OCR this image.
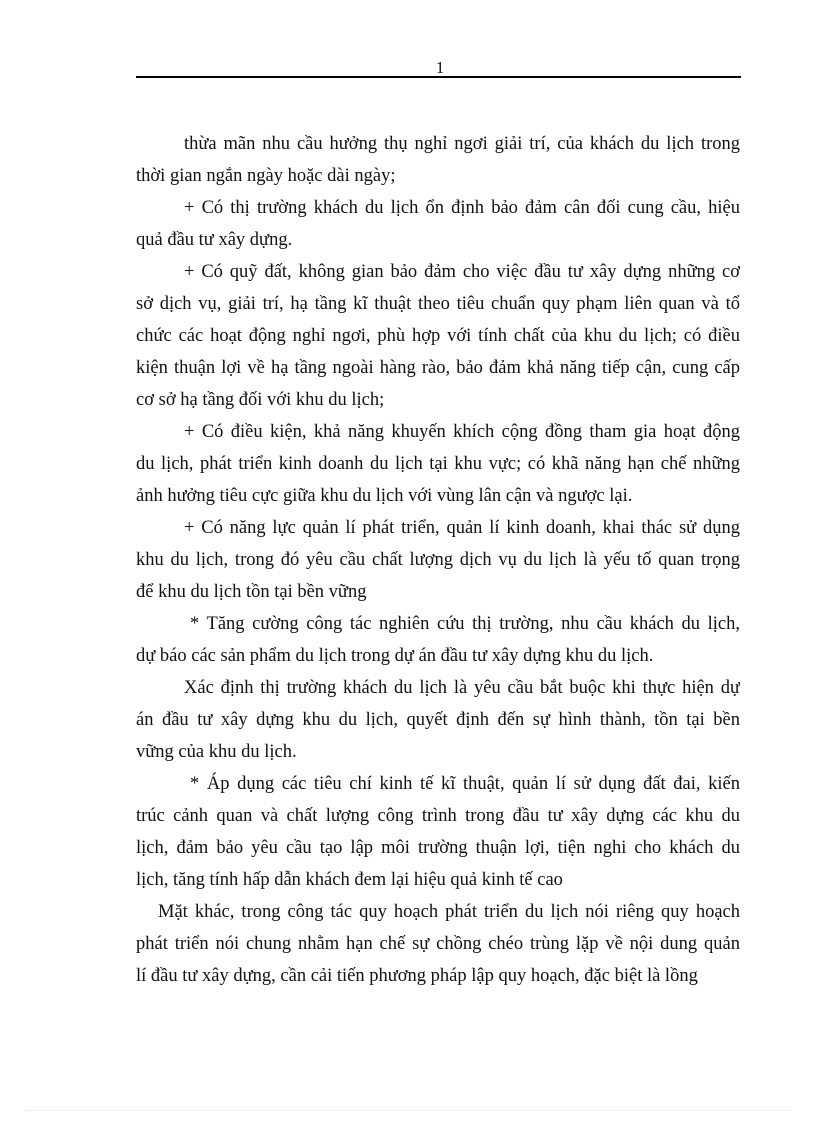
1
thừa mãn nhu cầu hưởng thụ nghỉ ngơi giải trí, của khách du lịch trong
thời gian ngắn ngày hoặc dài ngày;
+ Có thị trường khách du lịch ổn định bảo đảm cân đối cung cầu, hiệu
quả đầu tư xây dựng.
+ Có quỹ đất, không gian bảo đảm cho việc đầu tư xây dựng những cơ
sở dịch vụ, giải trí, hạ tầng kĩ thuật theo tiêu chuẩn quy phạm liên quan và tổ
chức các hoạt động nghỉ ngơi, phù hợp với tính chất của khu du lịch; có điều
kiện thuận lợi về hạ tầng ngoài hàng rào, bảo đảm khả năng tiếp cận, cung cấp
cơ sở hạ tầng đối với khu du lịch;
+ Có điều kiện, khả năng khuyến khích cộng đồng tham gia hoạt động
du lịch, phát triển kinh doanh du lịch tại khu vực; có khã năng hạn chế những
ảnh hưởng tiêu cực giữa khu du lịch với vùng lân cận và ngược lại.
+ Có năng lực quản lí phát triển, quản lí kinh doanh, khai thác sử dụng
khu du lịch, trong đó yêu cầu chất lượng dịch vụ du lịch là yếu tố quan trọng
để khu du lịch tồn tại bền vững
* Tăng cường công tác nghiên cứu thị trường, nhu cầu khách du lịch,
dự báo các sản phẩm du lịch trong dự án đầu tư xây dựng khu du lịch.
Xác định thị trường khách du lịch là yêu cầu bắt buộc khi thực hiện dự
án đầu tư xây dựng khu du lịch, quyết định đến sự hình thành, tồn tại bền
vững của khu du lịch.
* Áp dụng các tiêu chí kinh tế kĩ thuật, quản lí sử dụng đất đai, kiến
trúc cảnh quan và chất lượng công trình trong đầu tư xây dựng các khu du
lịch, đảm bảo yêu cầu tạo lập môi trường thuận lợi, tiện nghi cho khách du
lịch, tăng tính hấp dẫn khách đem lại hiệu quả kinh tế cao
Mặt khác, trong công tác quy hoạch phát triển du lịch nói riêng quy hoạch
phát triển nói chung nhằm hạn chế sự chồng chéo trùng lặp về nội dung quản
lí đầu tư xây dựng, cần cải tiến phương pháp lập quy hoạch, đặc biệt là lồng
